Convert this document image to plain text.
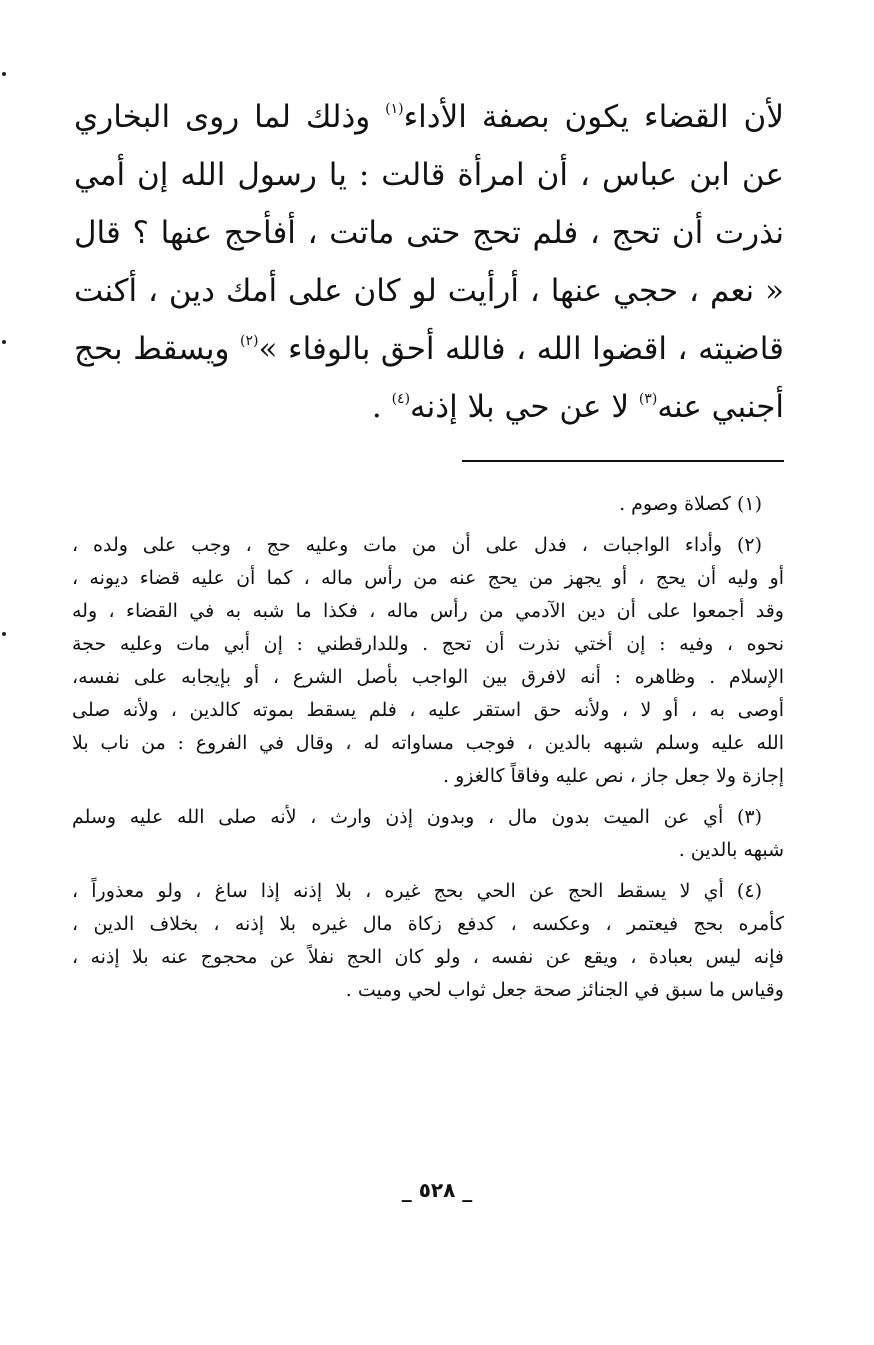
لأن القضاء يكون بصفة الأداء$^{(١)}$ وذلك لما روى البخاري
عن ابن عباس ، أن امرأة قالت : يا رسول الله إن أمي
نذرت أن تحج ، فلم تحج حتى ماتت ، أفأحج عنها ؟ قال
« نعم ، حجي عنها ، أرأيت لو كان على أمك دين ، أكنت
قاضيته ، اقضوا الله ، فالله أحق بالوفاء »$^{(٢)}$ ويسقط بحج
أجنبي عنه$^{(٣)}$ لا عن حي بلا إذنه$^{(٤)}$ .
(١) كصلاة وصوم .
(٢) وأداء الواجبات ، فدل على أن من مات وعليه حج ، وجب على ولده ،
أو وليه أن يحج ، أو يجهز من يحج عنه من رأس ماله ، كما أن عليه قضاء ديونه ،
وقد أجمعوا على أن دين الآدمي من رأس ماله ، فكذا ما شبه به في القضاء ، وله
نحوه ، وفيه : إن أختي نذرت أن تحج . وللدارقطني : إن أبي مات وعليه حجة
الإسلام . وظاهره : أنه لافرق بين الواجب بأصل الشرع ، أو بإيجابه على نفسه،
أوصى به ، أو لا ، ولأنه حق استقر عليه ، فلم يسقط بموته كالدين ، ولأنه صلى
الله عليه وسلم شبهه بالدين ، فوجب مساواته له ، وقال في الفروع : من ناب بلا
إجازة ولا جعل جاز ، نص عليه وفاقاً كالغزو .
(٣) أي عن الميت بدون مال ، وبدون إذن وارث ، لأنه صلى الله عليه وسلم
شبهه بالدين .
(٤) أي لا يسقط الحج عن الحي بحج غيره ، بلا إذنه إذا ساغ ، ولو معذوراً ،
كأمره بحج فيعتمر ، وعكسه ، كدفع زكاة مال غيره بلا إذنه ، بخلاف الدين ،
فإنه ليس بعبادة ، ويقع عن نفسه ، ولو كان الحج نفلاً عن محجوج عنه بلا إذنه ،
وقياس ما سبق في الجنائز صحة جعل ثواب لحي وميت .
_ ٥٢٨ _
